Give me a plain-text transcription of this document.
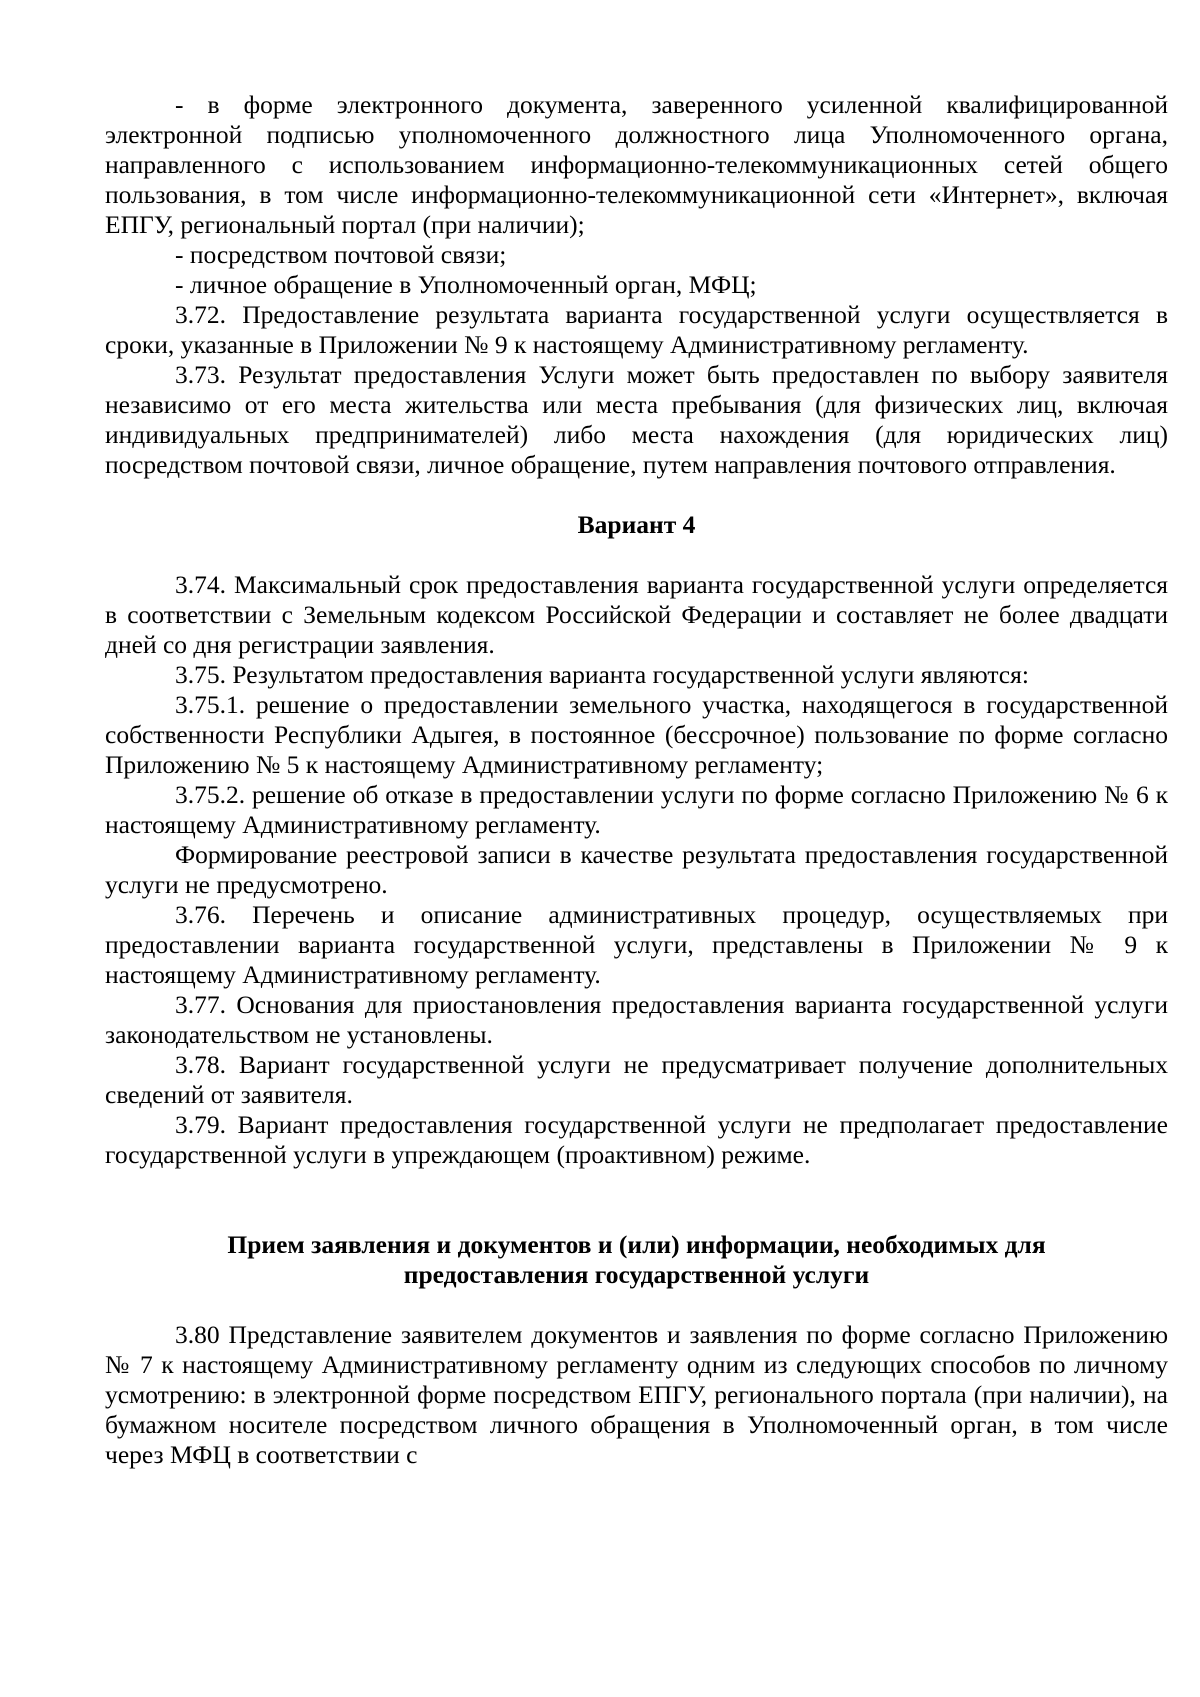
- в форме электронного документа, заверенного усиленной квалифицированной электронной подписью уполномоченного должностного лица Уполномоченного органа, направленного с использованием информационно-телекоммуникационных сетей общего пользования, в том числе информационно-телекоммуникационной сети «Интернет», включая ЕПГУ, региональный портал (при наличии);

- посредством почтовой связи;

- личное обращение в Уполномоченный орган, МФЦ;

3.72. Предоставление результата варианта государственной услуги осуществляется в сроки, указанные в Приложении № 9 к настоящему Административному регламенту.

3.73. Результат предоставления Услуги может быть предоставлен по выбору заявителя независимо от его места жительства или места пребывания (для физических лиц, включая индивидуальных предпринимателей) либо места нахождения (для юридических лиц) посредством почтовой связи, личное обращение, путем направления почтового отправления.

Вариант 4

3.74. Максимальный срок предоставления варианта государственной услуги определяется в соответствии с Земельным кодексом Российской Федерации и составляет не более двадцати дней со дня регистрации заявления.

3.75. Результатом предоставления варианта государственной услуги являются:

3.75.1. решение о предоставлении земельного участка, находящегося в государственной собственности Республики Адыгея, в постоянное (бессрочное) пользование по форме согласно Приложению № 5 к настоящему Административному регламенту;

3.75.2. решение об отказе в предоставлении услуги по форме согласно Приложению № 6 к настоящему Административному регламенту.

Формирование реестровой записи в качестве результата предоставления государственной услуги не предусмотрено.

3.76. Перечень и описание административных процедур, осуществляемых при предоставлении варианта государственной услуги, представлены в Приложении № 9 к настоящему Административному регламенту.

3.77. Основания для приостановления предоставления варианта государственной услуги законодательством не установлены.

3.78. Вариант государственной услуги не предусматривает получение дополнительных сведений от заявителя.

3.79. Вариант предоставления государственной услуги не предполагает предоставление государственной услуги в упреждающем (проактивном) режиме.

Прием заявления и документов и (или) информации, необходимых для предоставления государственной услуги

3.80 Представление заявителем документов и заявления по форме согласно Приложению № 7 к настоящему Административному регламенту одним из следующих способов по личному усмотрению: в электронной форме посредством ЕПГУ, регионального портала (при наличии), на бумажном носителе посредством личного обращения в Уполномоченный орган, в том числе через МФЦ в соответствии с
